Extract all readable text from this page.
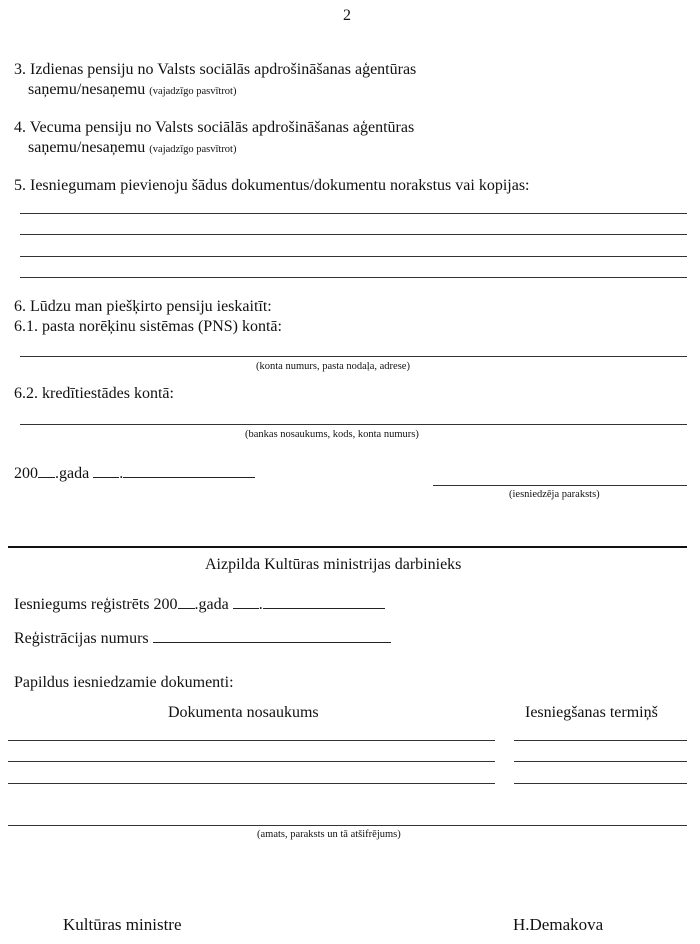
2
3. Izdienas pensiju no Valsts sociālās apdrošināšanas aģentūras
saņemu/nesaņemu (vajadzīgo pasvītrot)
4. Vecuma pensiju no Valsts sociālās apdrošināšanas aģentūras
saņemu/nesaņemu (vajadzīgo pasvītrot)
5. Iesniegumam pievienoju šādus dokumentus/dokumentu norakstus vai kopijas:
6. Lūdzu man piešķirto pensiju ieskaitīt:
6.1. pasta norēķinu sistēmas (PNS) kontā:
(konta numurs, pasta nodaļa, adrese)
6.2. kredītiestādes kontā:
(bankas nosaukums, kods, konta numurs)
200 .gada .
(iesniedzēja paraksts)
Aizpilda Kultūras ministrijas darbinieks
Iesniegums reģistrēts 200 .gada .
Reģistrācijas numurs
Papildus iesniedzamie dokumenti:
Dokumenta nosaukums	Iesniegšanas termiņš
(amats, paraksts un tā atšifrējums)
Kultūras ministre	H.Demakova
